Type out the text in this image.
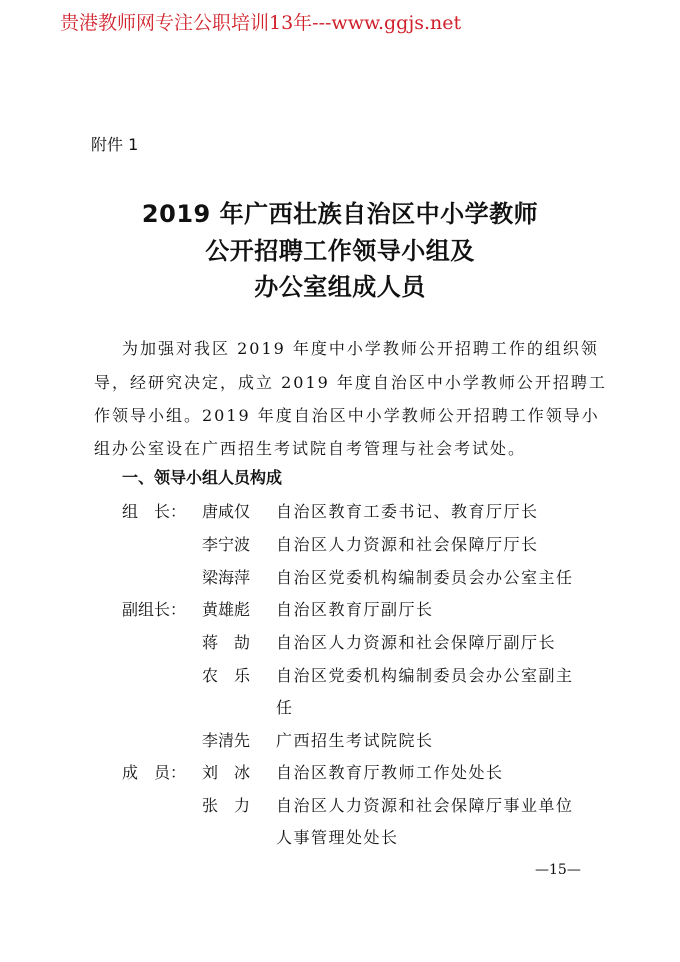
贵港教师网专注公职培训13年---www.ggjs.net
附件 1
2019 年广西壮族自治区中小学教师
公开招聘工作领导小组及
办公室组成人员
为加强对我区 2019 年度中小学教师公开招聘工作的组织领
导，经研究决定，成立 2019 年度自治区中小学教师公开招聘工
作领导小组。2019 年度自治区中小学教师公开招聘工作领导小
组办公室设在广西招生考试院自考管理与社会考试处。
一、领导小组人员构成
组　长： 唐咸仅	自治区教育工委书记、教育厅厅长
李宁波	自治区人力资源和社会保障厅厅长
梁海萍	自治区党委机构编制委员会办公室主任
副组长： 黄雄彪	自治区教育厅副厅长
蒋　劼	自治区人力资源和社会保障厅副厅长
农　乐	自治区党委机构编制委员会办公室副主
任
李清先	广西招生考试院院长
成　员： 刘　冰	自治区教育厅教师工作处处长
张　力	自治区人力资源和社会保障厅事业单位
人事管理处处长
—15—
